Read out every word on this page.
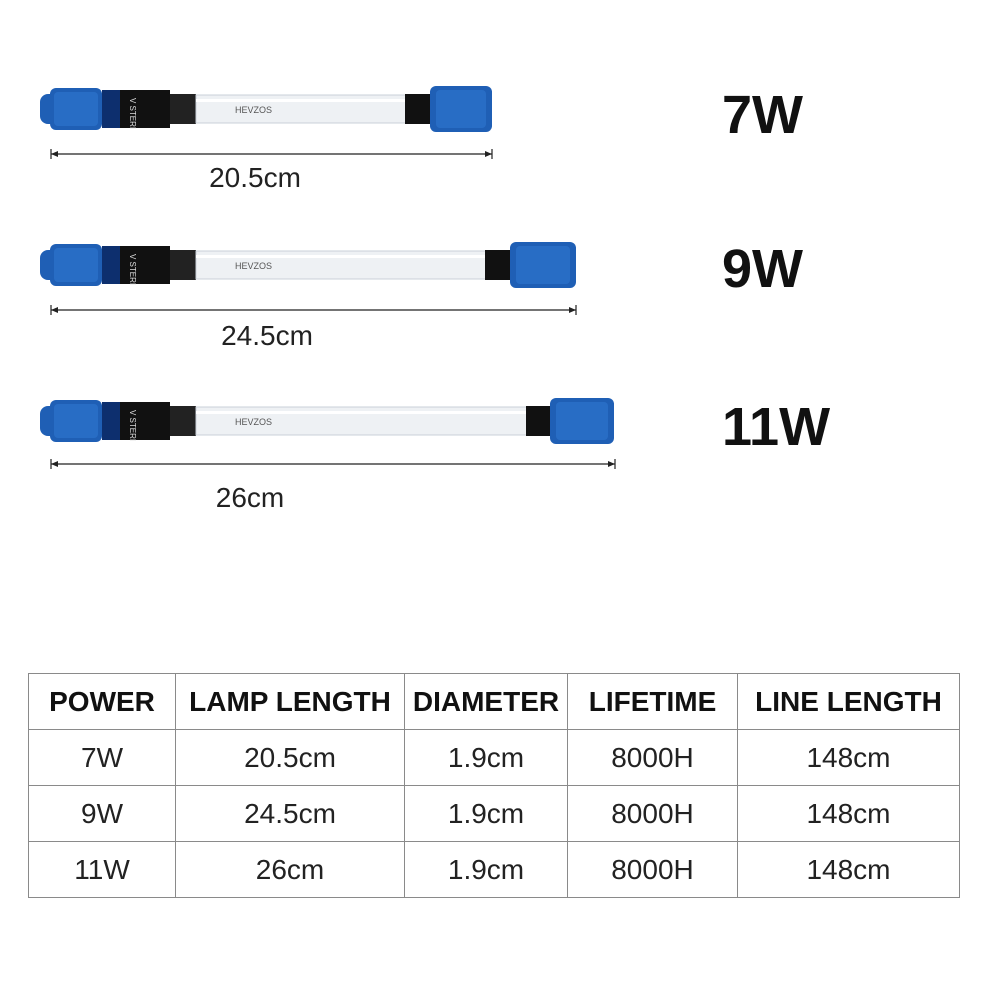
V STERI	HEVZOS
20.5cm
7W
V STERI	HEVZOS
24.5cm
9W
V STERI	HEVZOS
26cm
11W
POWER	LAMP LENGTH	DIAMETER	LIFETIME	LINE LENGTH
7W	20.5cm	1.9cm	8000H	148cm
9W	24.5cm	1.9cm	8000H	148cm
11W	26cm	1.9cm	8000H	148cm
